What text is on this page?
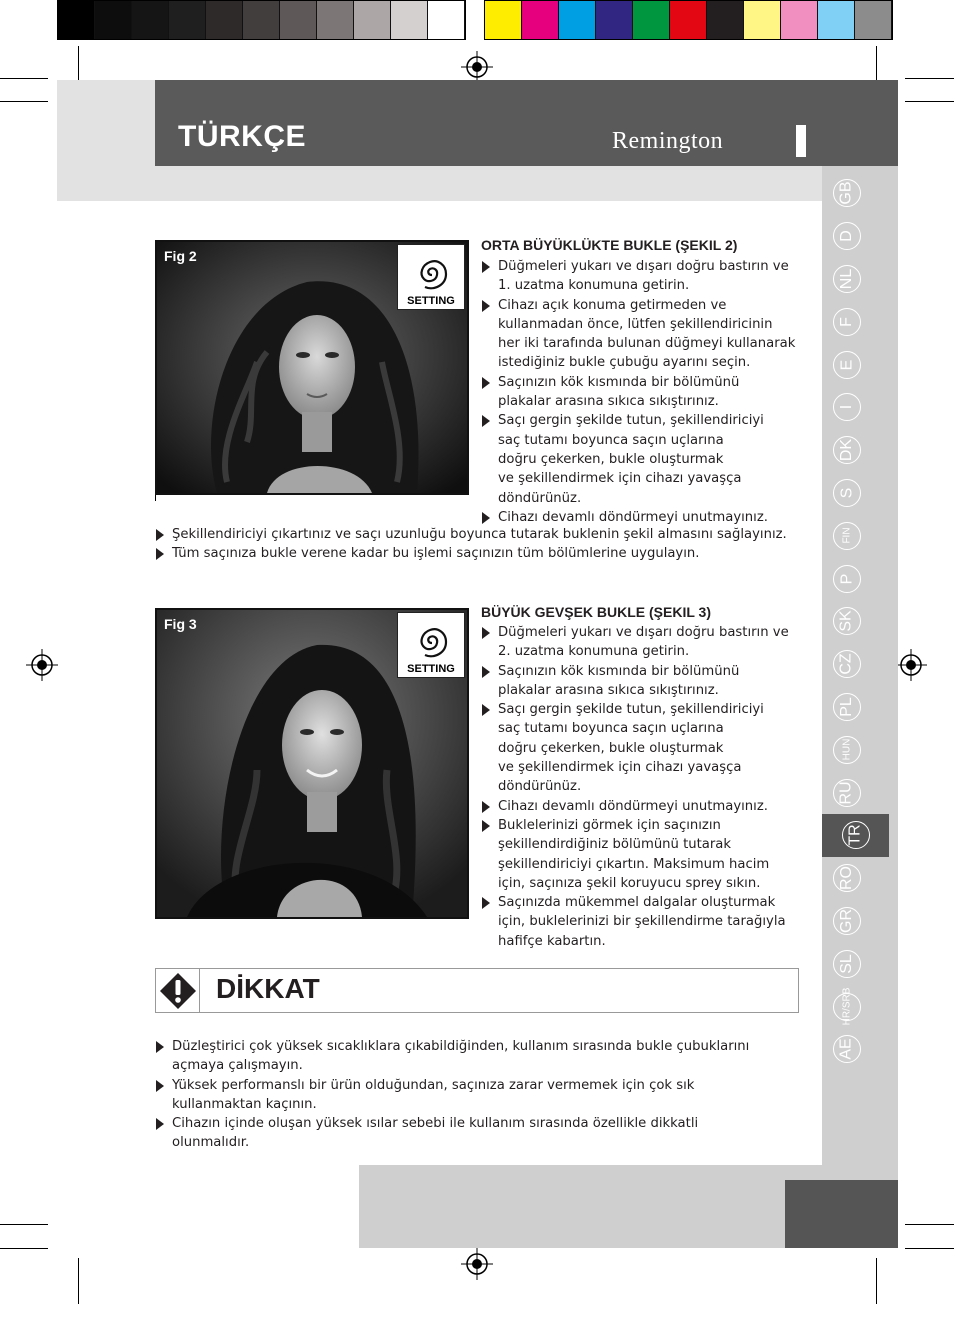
TÜRKÇE	Remington
GB
D
NL
F
E
I
DK
S
FIN
P
SK
CZ
PL
HUN
RU
TR
RO
GR
SL
HR/SRB
AE
Fig 2
SETTING
ORTA BÜYÜKLÜKTE BUKLE (ŞEKIL 2)
Düğmeleri yukarı ve dışarı doğru bastırın ve
1. uzatma konumuna getirin.
Cihazı açık konuma getirmeden ve
kullanmadan önce, lütfen şekillendiricinin
her iki tarafında bulunan düğmeyi kullanarak
istediğiniz bukle çubuğu ayarını seçin.
Saçınızın kök kısmında bir bölümünü
plakalar arasına sıkıca sıkıştırınız.
Saçı gergin şekilde tutun, şekillendiriciyi
saç tutamı boyunca saçın uçlarına
doğru çekerken, bukle oluşturmak
ve şekillendirmek için cihazı yavaşça
döndürünüz.
Cihazı devamlı döndürmeyi unutmayınız.
Şekillendiriciyi çıkartınız ve saçı uzunluğu boyunca tutarak buklenin şekil almasını sağlayınız.
Tüm saçınıza bukle verene kadar bu işlemi saçınızın tüm bölümlerine uygulayın.
Fig 3
SETTING
BÜYÜK GEVŞEK BUKLE (ŞEKIL 3)
Düğmeleri yukarı ve dışarı doğru bastırın ve
2. uzatma konumuna getirin.
Saçınızın kök kısmında bir bölümünü
plakalar arasına sıkıca sıkıştırınız.
Saçı gergin şekilde tutun, şekillendiriciyi
saç tutamı boyunca saçın uçlarına
doğru çekerken, bukle oluşturmak
ve şekillendirmek için cihazı yavaşça
döndürünüz.
Cihazı devamlı döndürmeyi unutmayınız.
Buklelerinizi görmek için saçınızın
şekillendirdiğiniz bölümünü tutarak
şekillendiriciyi çıkartın. Maksimum hacim
için, saçınıza şekil koruyucu sprey sıkın.
Saçınızda mükemmel dalgalar oluşturmak
için, buklelerinizi bir şekillendirme tarağıyla
hafifçe kabartın.
DİKKAT
Düzleştirici çok yüksek sıcaklıklara çıkabildiğinden, kullanım sırasında bukle çubuklarını
açmaya çalışmayın.
Yüksek performanslı bir ürün olduğundan, saçınıza zarar vermemek için çok sık
kullanmaktan kaçının.
Cihazın içinde oluşan yüksek ısılar sebebi ile kullanım sırasında özellikle dikkatli
olunmalıdır.
